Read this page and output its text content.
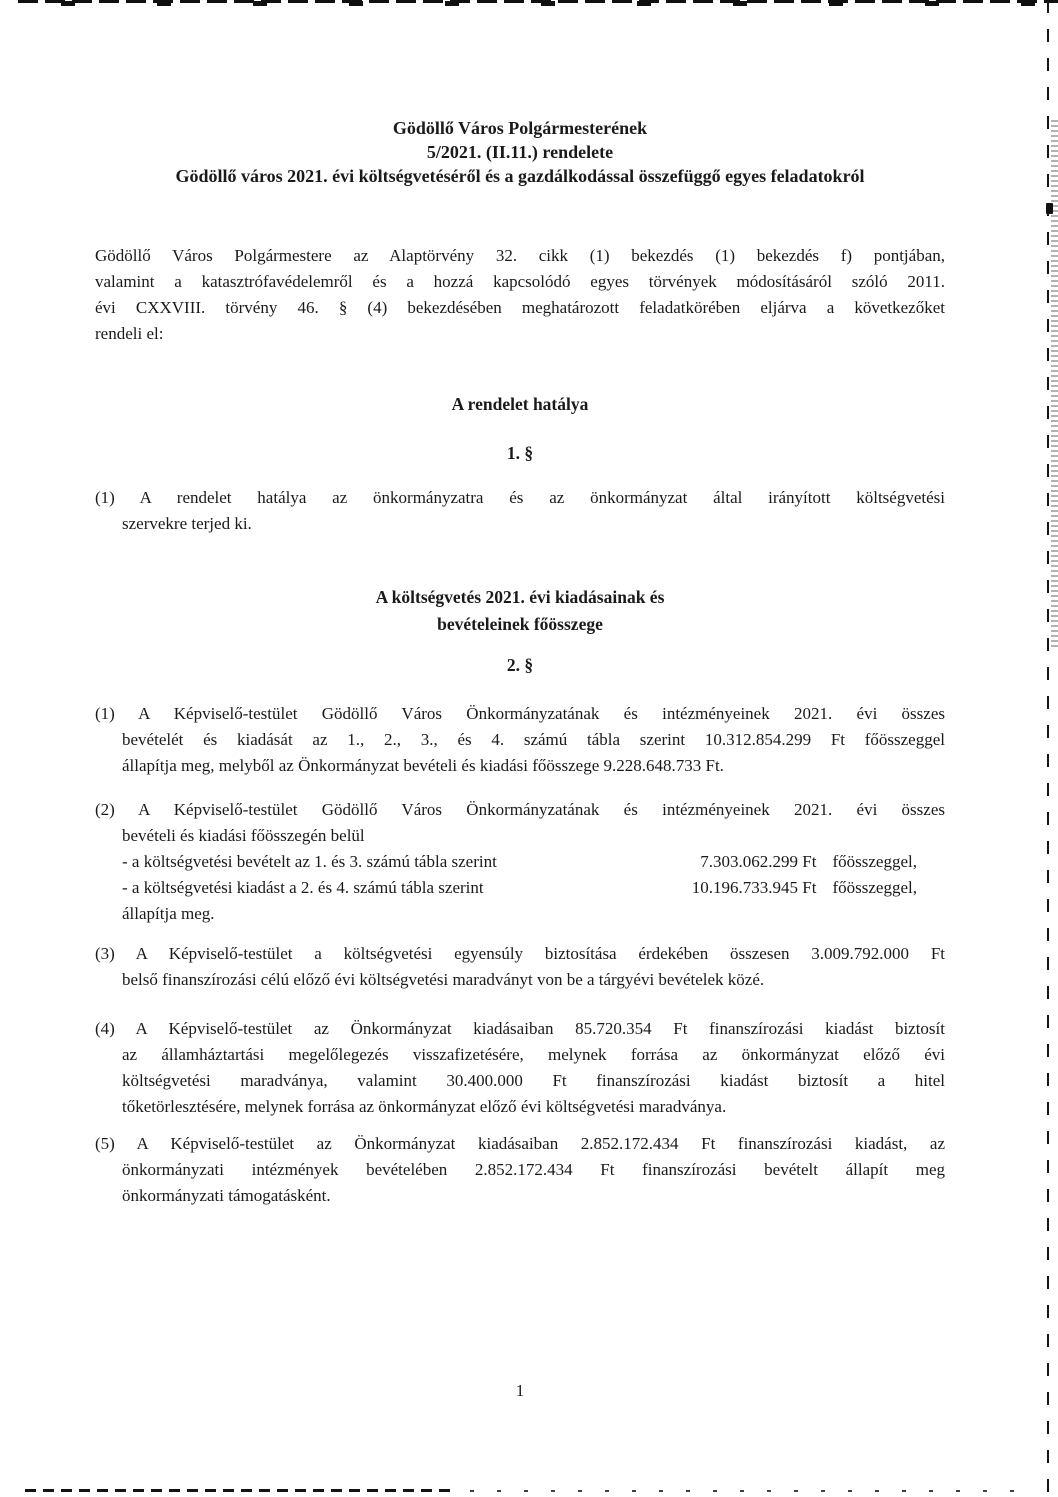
Gödöllő Város Polgármesterének
5/2021. (II.11.) rendelete
Gödöllő város 2021. évi költségvetéséről és a gazdálkodással összefüggő egyes feladatokról
Gödöllő Város Polgármestere az Alaptörvény 32. cikk (1) bekezdés (1) bekezdés f) pontjában,
valamint a katasztrófavédelemről és a hozzá kapcsolódó egyes törvények módosításáról szóló 2011.
évi CXXVIII. törvény 46. § (4) bekezdésében meghatározott feladatkörében eljárva a következőket
rendeli el:
A rendelet hatálya
1. §
(1) A rendelet hatálya az önkormányzatra és az önkormányzat által irányított költségvetési
szervekre terjed ki.
A költségvetés 2021. évi kiadásainak és
bevételeinek főösszege
2. §
(1) A Képviselő-testület Gödöllő Város Önkormányzatának és intézményeinek 2021. évi összes
bevételét és kiadását az 1., 2., 3., és 4. számú tábla szerint 10.312.854.299 Ft főösszeggel
állapítja meg, melyből az Önkormányzat bevételi és kiadási főösszege 9.228.648.733 Ft.
(2) A Képviselő-testület Gödöllő Város Önkormányzatának és intézményeinek 2021. évi összes
bevételi és kiadási főösszegén belül
- a költségvetési bevételt az 1. és 3. számú tábla szerint	7.303.062.299 Ft főösszeggel,
- a költségvetési kiadást a 2. és 4. számú tábla szerint	10.196.733.945 Ft főösszeggel,
állapítja meg.
(3) A Képviselő-testület a költségvetési egyensúly biztosítása érdekében összesen 3.009.792.000 Ft
belső finanszírozási célú előző évi költségvetési maradványt von be a tárgyévi bevételek közé.
(4) A Képviselő-testület az Önkormányzat kiadásaiban 85.720.354 Ft finanszírozási kiadást biztosít
az államháztartási megelőlegezés visszafizetésére, melynek forrása az önkormányzat előző évi
költségvetési maradványa, valamint 30.400.000 Ft finanszírozási kiadást biztosít a hitel
tőketörlesztésére, melynek forrása az önkormányzat előző évi költségvetési maradványa.
(5) A Képviselő-testület az Önkormányzat kiadásaiban 2.852.172.434 Ft finanszírozási kiadást, az
önkormányzati intézmények bevételében 2.852.172.434 Ft finanszírozási bevételt állapít meg
önkormányzati támogatásként.
1
